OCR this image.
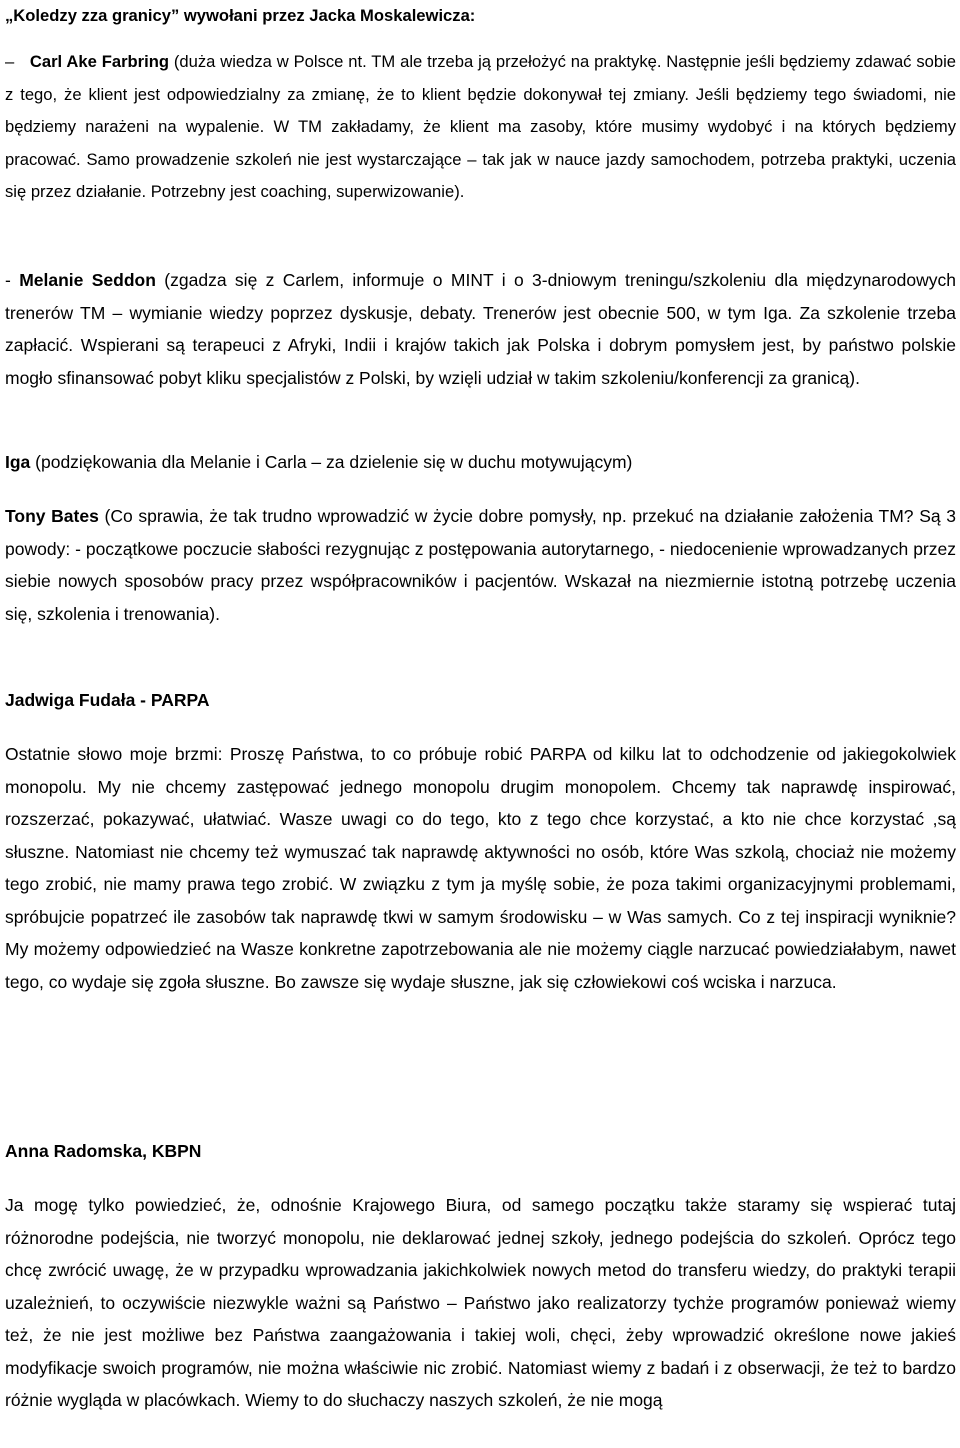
„Koledzy zza granicy” wywołani przez Jacka Moskalewicza:

– Carl Ake Farbring (duża wiedza w Polsce nt. TM ale trzeba ją przełożyć na praktykę. Następnie jeśli będziemy zdawać sobie z tego, że klient jest odpowiedzialny za zmianę, że to klient będzie dokonywał tej zmiany. Jeśli będziemy tego świadomi, nie będziemy narażeni na wypalenie. W TM zakładamy, że klient ma zasoby, które musimy wydobyć i na których będziemy pracować. Samo prowadzenie szkoleń nie jest wystarczające – tak jak w nauce jazdy samochodem, potrzeba praktyki, uczenia się przez działanie. Potrzebny jest coaching, superwizowanie).

- Melanie Seddon (zgadza się z Carlem, informuje o MINT i o 3-dniowym treningu/szkoleniu dla międzynarodowych trenerów TM – wymianie wiedzy poprzez dyskusje, debaty. Trenerów jest obecnie 500, w tym Iga. Za szkolenie trzeba zapłacić. Wspierani są terapeuci z Afryki, Indii i krajów takich jak Polska i dobrym pomysłem jest, by państwo polskie mogło sfinansować pobyt kliku specjalistów z Polski, by wzięli udział w takim szkoleniu/konferencji za granicą).

Iga (podziękowania dla Melanie i Carla – za dzielenie się w duchu motywującym)

Tony Bates (Co sprawia, że tak trudno wprowadzić w życie dobre pomysły, np. przekuć na działanie założenia TM? Są 3 powody: - początkowe poczucie słabości rezygnując z postępowania autorytarnego, - niedocenienie wprowadzanych przez siebie nowych sposobów pracy przez współpracowników i pacjentów. Wskazał na niezmiernie istotną potrzebę uczenia się, szkolenia i trenowania).

Jadwiga Fudała - PARPA

Ostatnie słowo moje brzmi: Proszę Państwa, to co próbuje robić PARPA od kilku lat to odchodzenie od jakiegokolwiek monopolu. My nie chcemy zastępować jednego monopolu drugim monopolem. Chcemy tak naprawdę inspirować, rozszerzać, pokazywać, ułatwiać. Wasze uwagi co do tego, kto z tego chce korzystać, a kto nie chce korzystać ,są słuszne. Natomiast nie chcemy też wymuszać tak naprawdę aktywności no osób, które Was szkolą, chociaż nie możemy tego zrobić, nie mamy prawa tego zrobić. W związku z tym ja myślę sobie, że poza takimi organizacyjnymi problemami, spróbujcie popatrzeć ile zasobów tak naprawdę tkwi w samym środowisku – w Was samych. Co z tej inspiracji wyniknie? My możemy odpowiedzieć na Wasze konkretne zapotrzebowania ale nie możemy ciągle narzucać powiedziałabym, nawet tego, co wydaje się zgoła słuszne. Bo zawsze się wydaje słuszne, jak się człowiekowi coś wciska i narzuca.

Anna Radomska, KBPN

Ja mogę tylko powiedzieć, że, odnośnie Krajowego Biura, od samego początku także staramy się wspierać tutaj różnorodne podejścia, nie tworzyć monopolu, nie deklarować jednej szkoły, jednego podejścia do szkoleń. Oprócz tego chcę zwrócić uwagę, że w przypadku wprowadzania jakichkolwiek nowych metod do transferu wiedzy, do praktyki terapii uzależnień, to oczywiście niezwykle ważni są Państwo – Państwo jako realizatorzy tychże programów ponieważ wiemy też, że nie jest możliwe bez Państwa zaangażowania i takiej woli, chęci, żeby wprowadzić określone nowe jakieś modyfikacje swoich programów, nie można właściwie nic zrobić. Natomiast wiemy z badań i z obserwacji, że też to bardzo różnie wygląda w placówkach. Wiemy to do słuchaczy naszych szkoleń, że nie mogą
